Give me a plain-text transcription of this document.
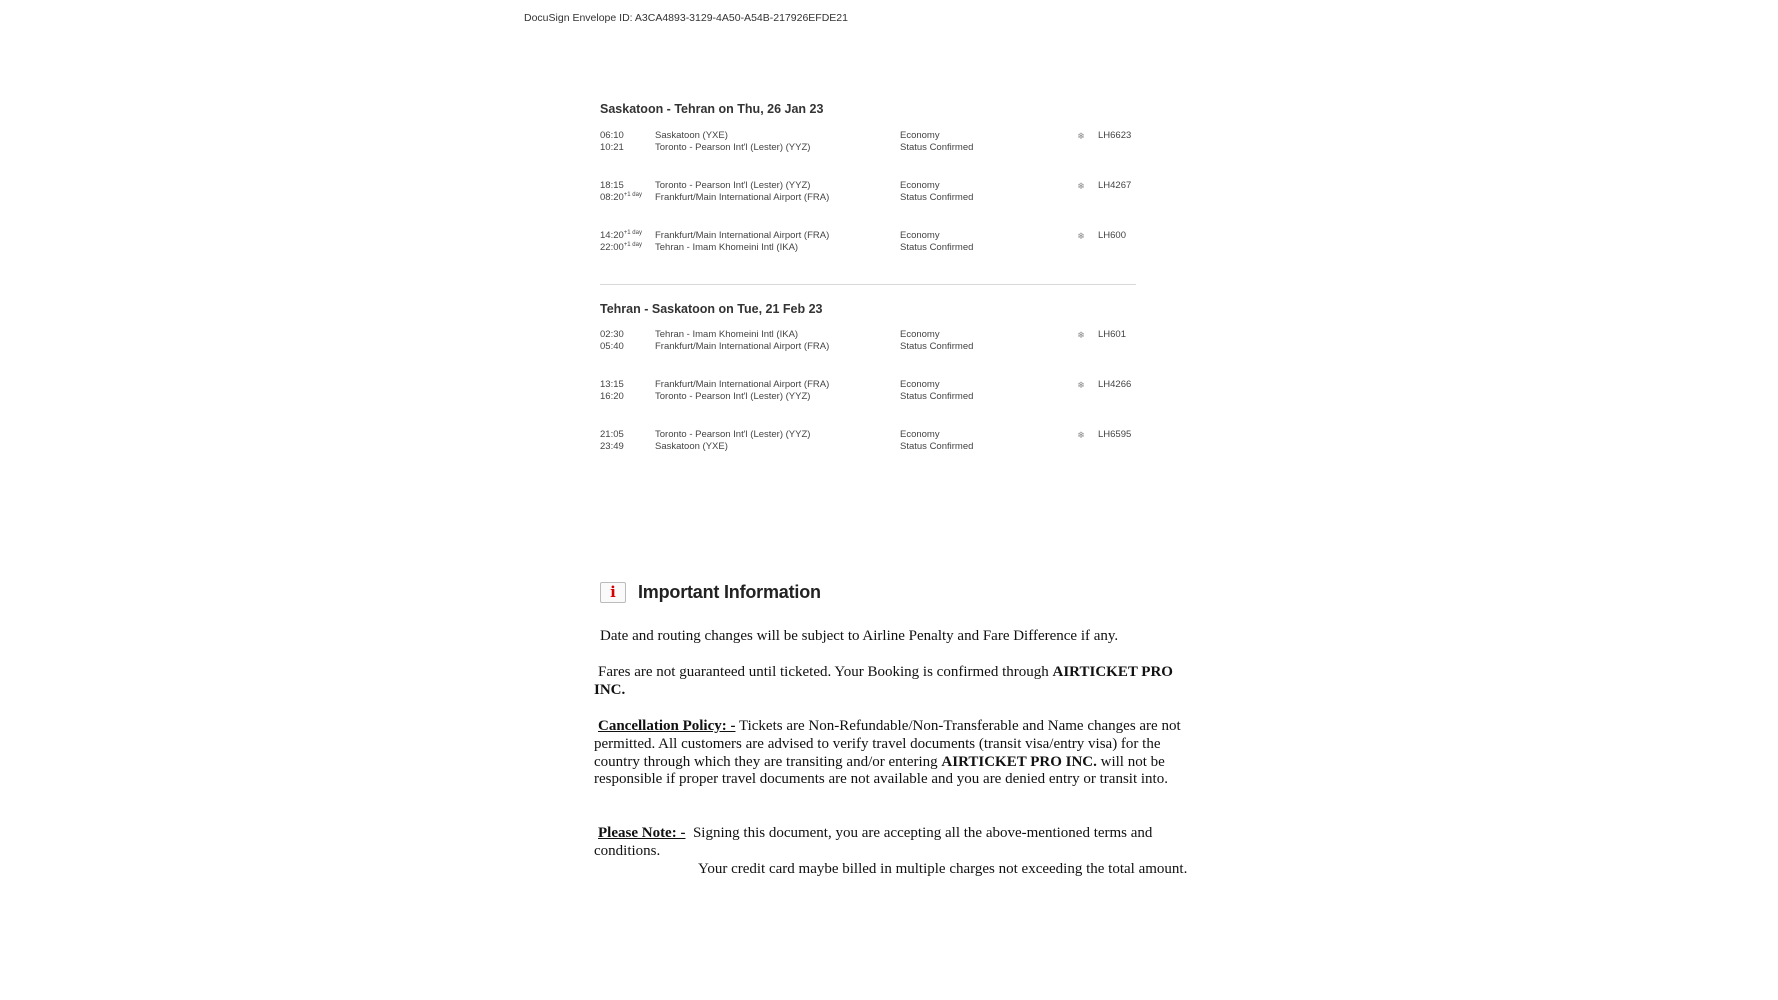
DocuSign Envelope ID: A3CA4893-3129-4A50-A54B-217926EFDE21
Saskatoon - Tehran on Thu, 26 Jan 23
06:10
10:21
Saskatoon (YXE)
Toronto - Pearson Int'l (Lester) (YYZ)
Economy
Status Confirmed
❄ LH6623
18:15
$08:20^{+1 day}$
Toronto - Pearson Int'l (Lester) (YYZ)
Frankfurt/Main International Airport (FRA)
Economy
Status Confirmed
❄ LH4267
$14:20^{+1 day}$
$22:00^{+1 day}$
Frankfurt/Main International Airport (FRA)
Tehran - Imam Khomeini Intl (IKA)
Economy
Status Confirmed
❄ LH600
Tehran - Saskatoon on Tue, 21 Feb 23
02:30
05:40
Tehran - Imam Khomeini Intl (IKA)
Frankfurt/Main International Airport (FRA)
Economy
Status Confirmed
❄ LH601
13:15
16:20
Frankfurt/Main International Airport (FRA)
Toronto - Pearson Int'l (Lester) (YYZ)
Economy
Status Confirmed
❄ LH4266
21:05
23:49
Toronto - Pearson Int'l (Lester) (YYZ)
Saskatoon (YXE)
Economy
Status Confirmed
❄ LH6595
i	Important Information
Date and routing changes will be subject to Airline Penalty and Fare Difference if any.
Fares are not guaranteed until ticketed. Your Booking is confirmed through AIRTICKET PRO INC.
Cancellation Policy: - Tickets are Non-Refundable/Non-Transferable and Name changes are not permitted. All customers are advised to verify travel documents (transit visa/entry visa) for the country through which they are transiting and/or entering AIRTICKET PRO INC. will not be responsible if proper travel documents are not available and you are denied entry or transit into.
Please Note: - Signing this document, you are accepting all the above-mentioned terms and conditions.
Your credit card maybe billed in multiple charges not exceeding the total amount.
